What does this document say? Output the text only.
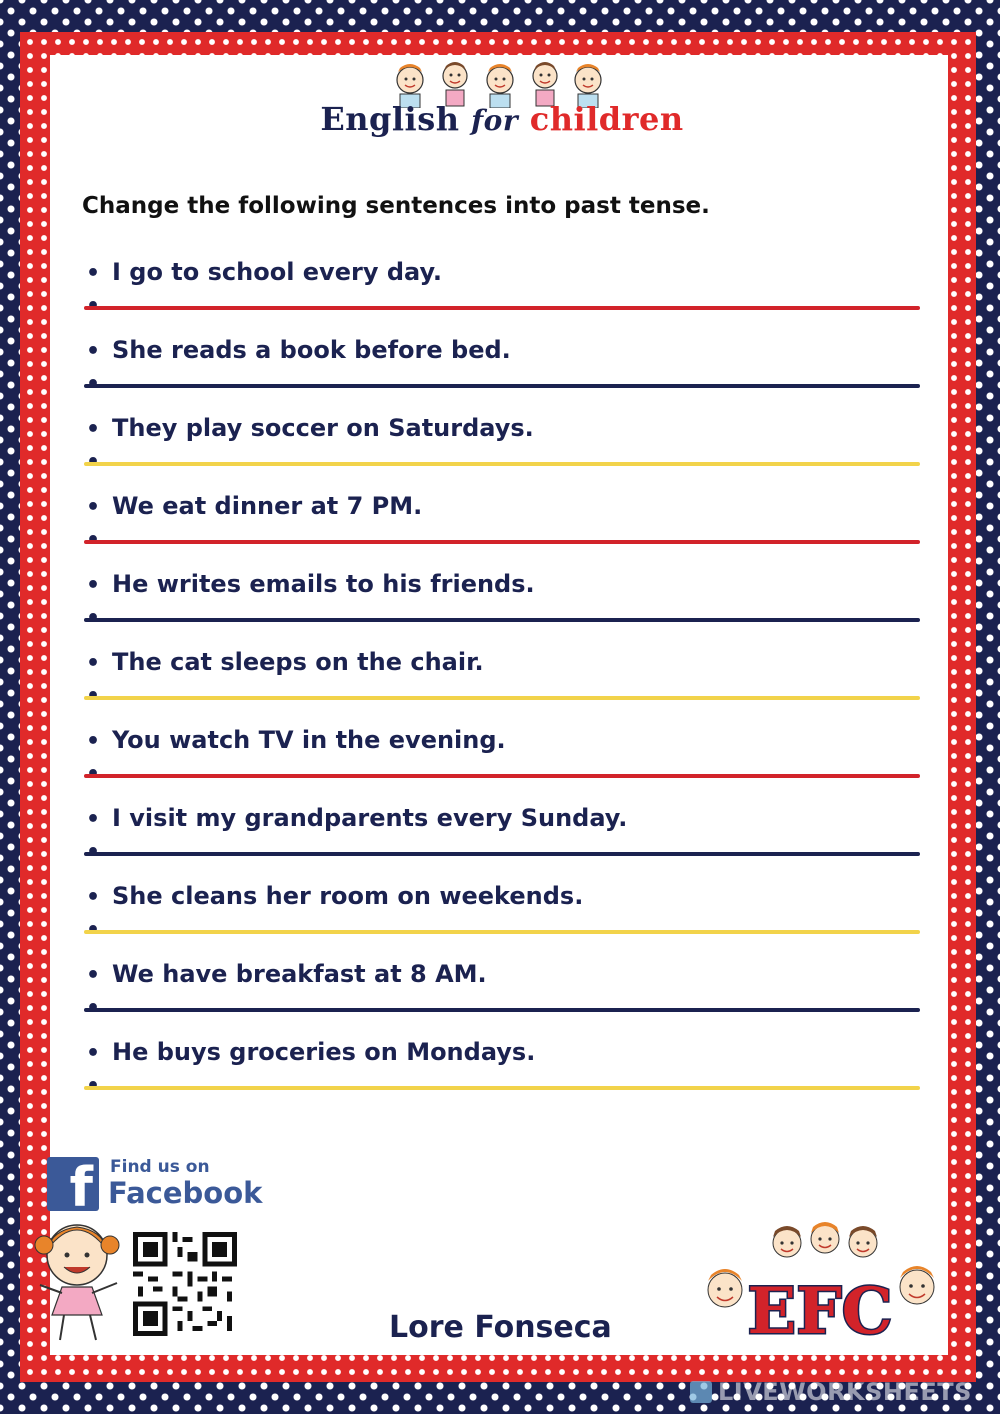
English for children
Change the following sentences into past tense.

• I go to school every day.

•

• She reads a book before bed.

•

• They play soccer on Saturdays.

•

• We eat dinner at 7 PM.

•

• He writes emails to his friends.

•

• The cat sleeps on the chair.

•

• You watch TV in the evening.

•

• I visit my grandparents every Sunday.

•

• She cleans her room on weekends.

•

• We have breakfast at 8 AM.

•

• He buys groceries on Mondays.

•
f	Find us on
Facebook
Lore Fonseca EFC
LIVEWORKSHEETS
